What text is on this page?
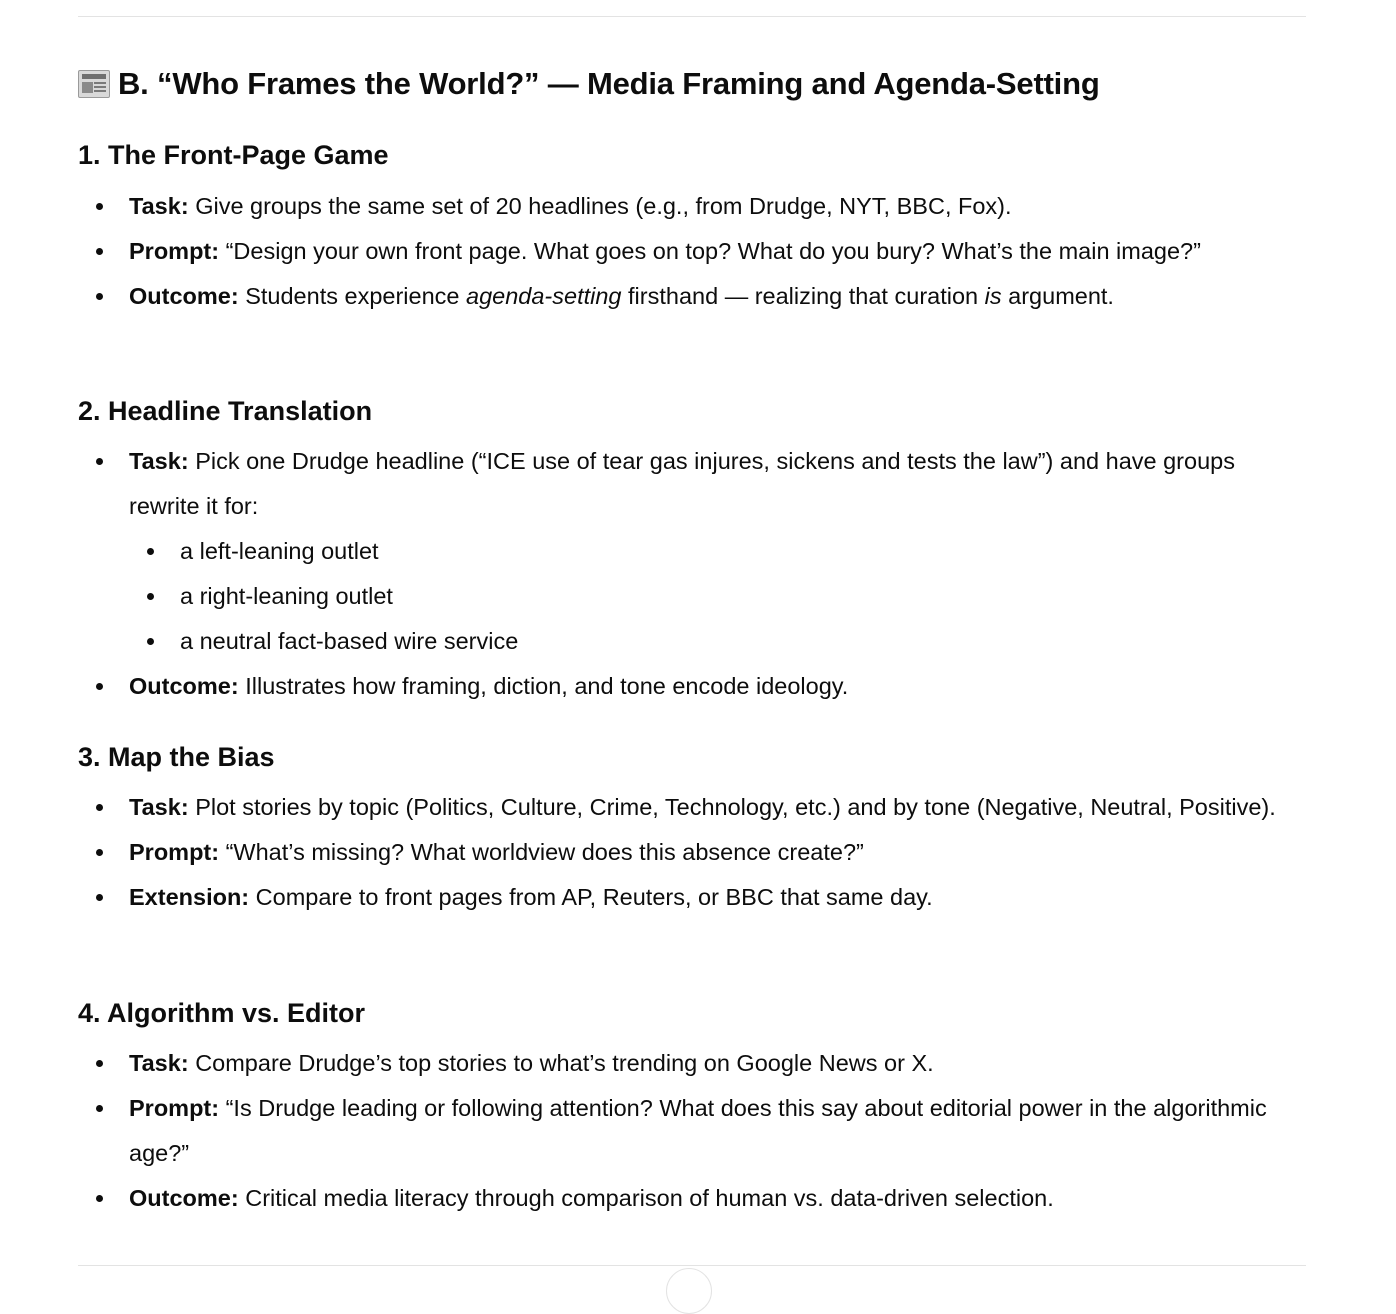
B. “Who Frames the World?” — Media Framing and Agenda-Setting
1. The Front-Page Game
Task: Give groups the same set of 20 headlines (e.g., from Drudge, NYT, BBC, Fox).
Prompt: “Design your own front page. What goes on top? What do you bury? What’s the main image?”
Outcome: Students experience agenda-setting firsthand — realizing that curation is argument.
2. Headline Translation
Task: Pick one Drudge headline (“ICE use of tear gas injures, sickens and tests the law”) and have groups rewrite it for:
a left-leaning outlet
a right-leaning outlet
a neutral fact-based wire service
Outcome: Illustrates how framing, diction, and tone encode ideology.
3. Map the Bias
Task: Plot stories by topic (Politics, Culture, Crime, Technology, etc.) and by tone (Negative, Neutral, Positive).
Prompt: “What’s missing? What worldview does this absence create?”
Extension: Compare to front pages from AP, Reuters, or BBC that same day.
4. Algorithm vs. Editor
Task: Compare Drudge’s top stories to what’s trending on Google News or X.
Prompt: “Is Drudge leading or following attention? What does this say about editorial power in the algorithmic age?”
Outcome: Critical media literacy through comparison of human vs. data-driven selection.
